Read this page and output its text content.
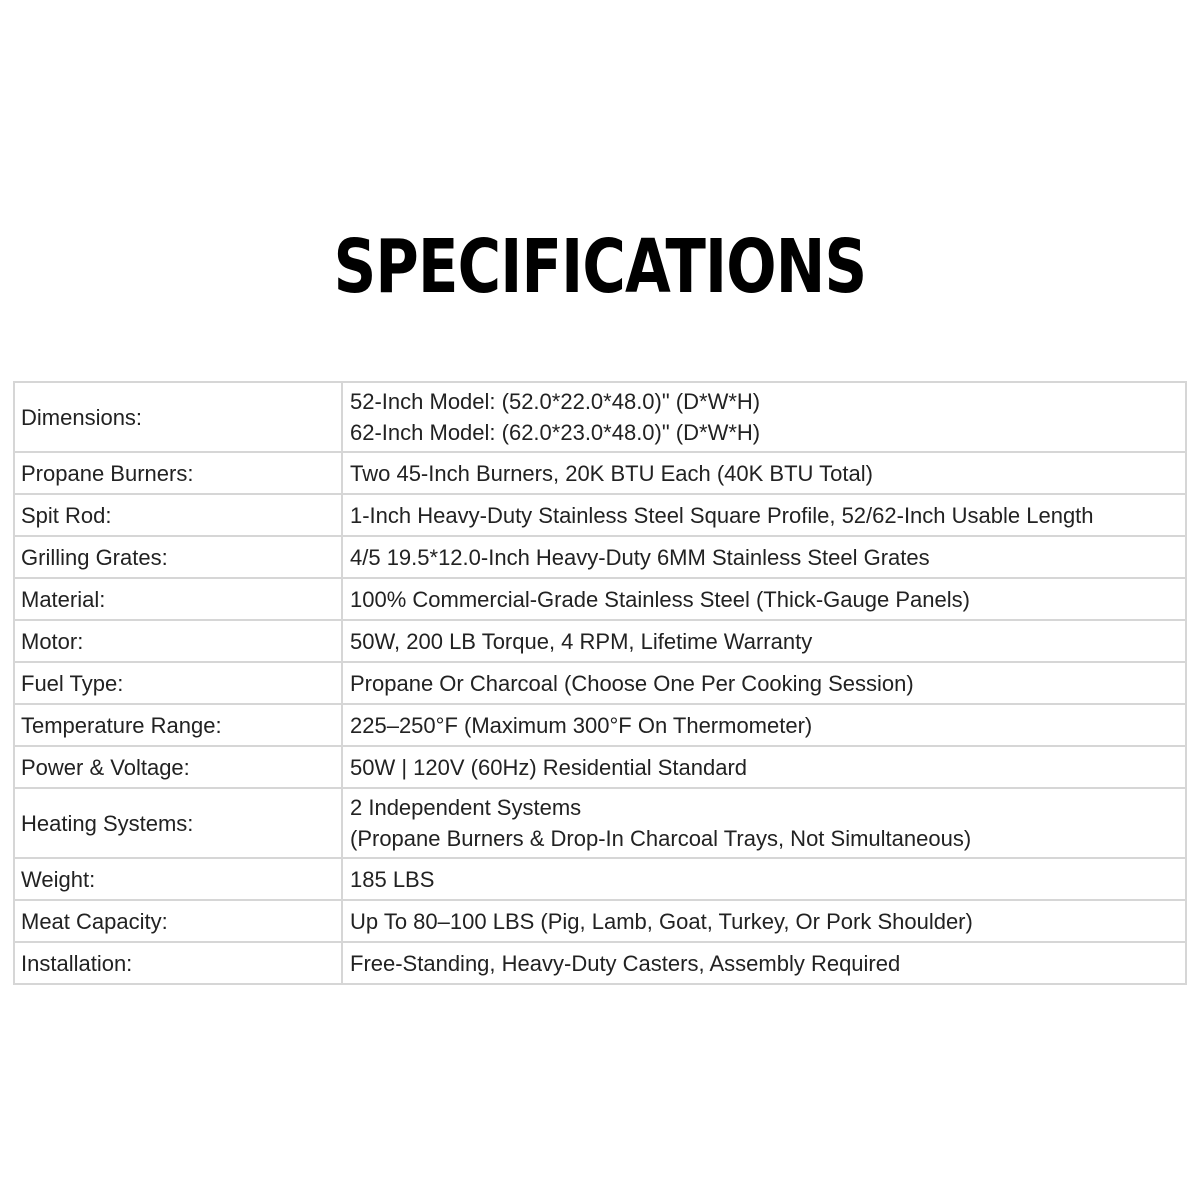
SPECIFICATIONS
Dimensions:	52-Inch Model: (52.0*22.0*48.0)" (D*W*H)
62-Inch Model: (62.0*23.0*48.0)" (D*W*H)

Propane Burners:	Two 45-Inch Burners, 20K BTU Each (40K BTU Total)

Spit Rod:	1-Inch Heavy-Duty Stainless Steel Square Profile, 52/62-Inch Usable Length

Grilling Grates:	4/5 19.5*12.0-Inch Heavy-Duty 6MM Stainless Steel Grates

Material:	100% Commercial-Grade Stainless Steel (Thick-Gauge Panels)

Motor:	50W, 200 LB Torque, 4 RPM, Lifetime Warranty

Fuel Type:	Propane Or Charcoal (Choose One Per Cooking Session)

Temperature Range:	225–250°F (Maximum 300°F On Thermometer)

Power & Voltage:	50W | 120V (60Hz) Residential Standard

Heating Systems:	2 Independent Systems
(Propane Burners & Drop-In Charcoal Trays, Not Simultaneous)

Weight:	185 LBS

Meat Capacity:	Up To 80–100 LBS (Pig, Lamb, Goat, Turkey, Or Pork Shoulder)

Installation:	Free-Standing, Heavy-Duty Casters, Assembly Required
